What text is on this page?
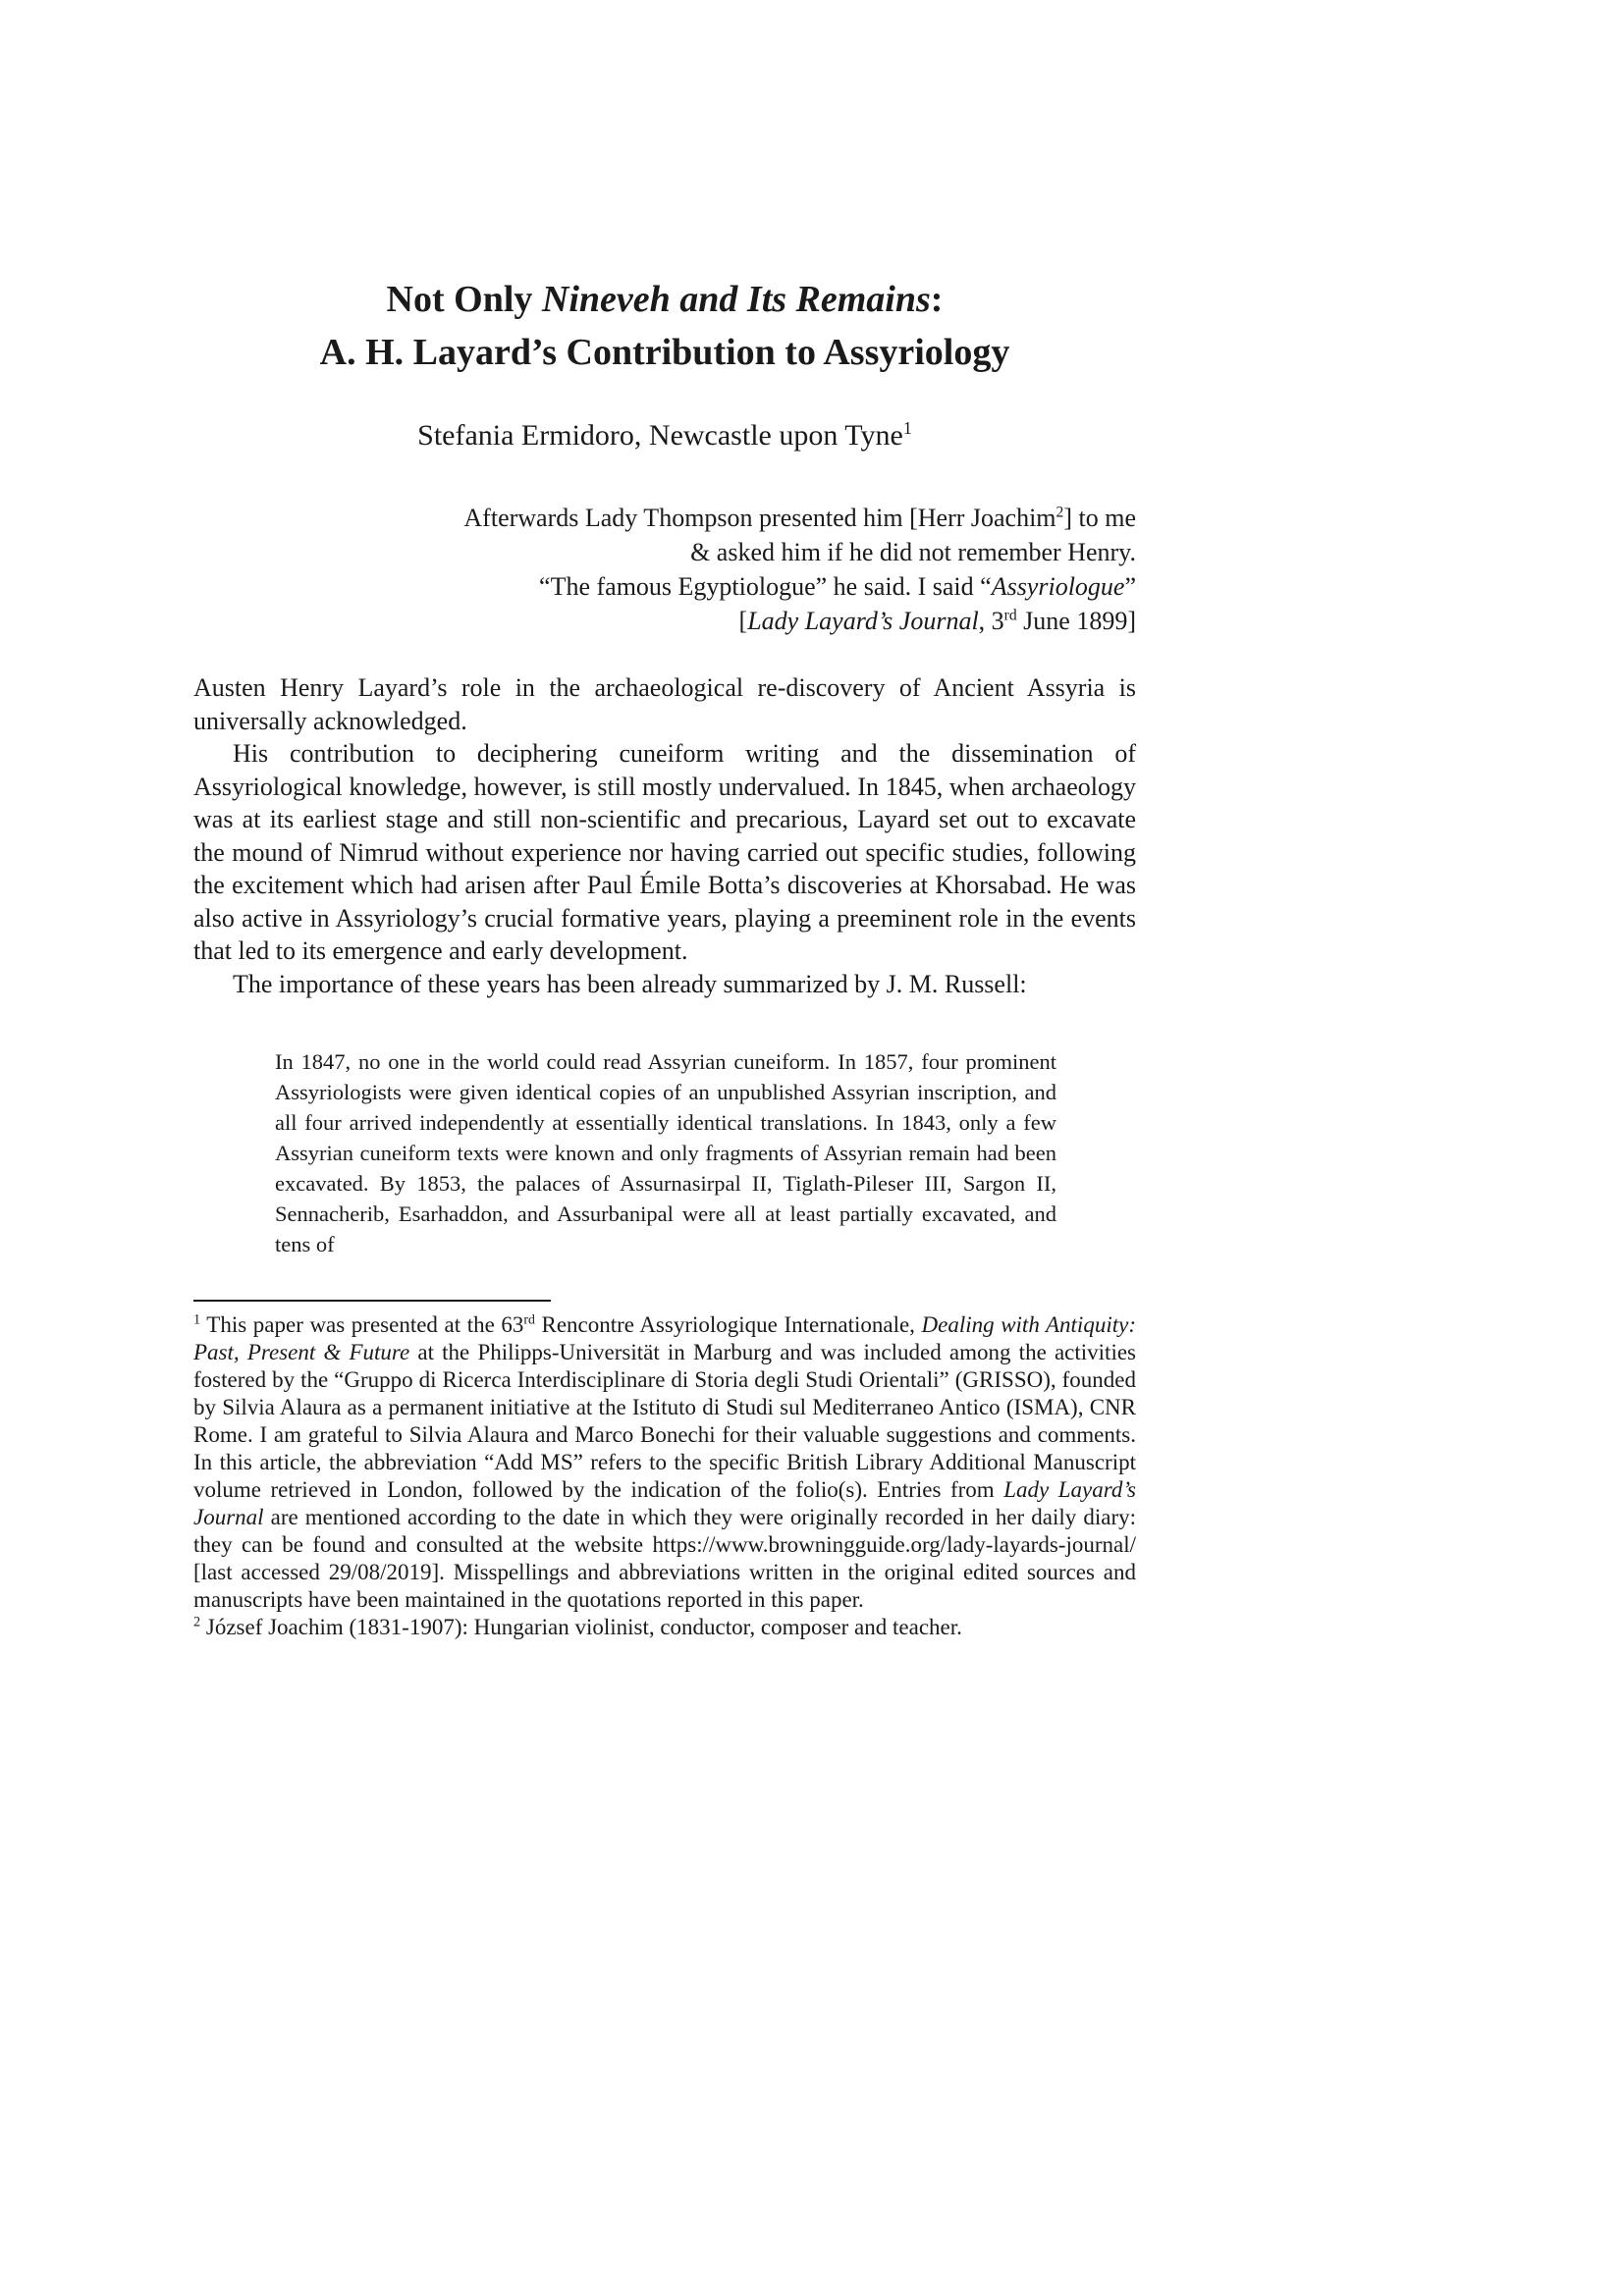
Not Only Nineveh and Its Remains:
A. H. Layard’s Contribution to Assyriology
Stefania Ermidoro, Newcastle upon Tyne$^1$
Afterwards Lady Thompson presented him [Herr Joachim$^2$] to me
& asked him if he did not remember Henry.
“The famous Egyptiologue” he said. I said “Assyriologue”
[Lady Layard’s Journal, 3rd June 1899]

Austen Henry Layard’s role in the archaeological re-discovery of Ancient Assyria is universally acknowledged.

His contribution to deciphering cuneiform writing and the dissemination of Assyriological knowledge, however, is still mostly undervalued. In 1845, when archaeology was at its earliest stage and still non-scientific and precarious, Layard set out to excavate the mound of Nimrud without experience nor having carried out specific studies, following the excitement which had arisen after Paul Émile Botta’s discoveries at Khorsabad. He was also active in Assyriology’s crucial formative years, playing a preeminent role in the events that led to its emergence and early development.

The importance of these years has been already summarized by J. M. Russell:

In 1847, no one in the world could read Assyrian cuneiform. In 1857, four prominent Assyriologists were given identical copies of an unpublished Assyrian inscription, and all four arrived independently at essentially identical translations. In 1843, only a few Assyrian cuneiform texts were known and only fragments of Assyrian remain had been excavated. By 1853, the palaces of Assurnasirpal II, Tiglath-Pileser III, Sargon II, Sennacherib, Esarhaddon, and Assurbanipal were all at least partially excavated, and tens of

$^1$ This paper was presented at the 63rd Rencontre Assyriologique Internationale, Dealing with Antiquity: Past, Present & Future at the Philipps-Universität in Marburg and was included among the activities fostered by the “Gruppo di Ricerca Interdisciplinare di Storia degli Studi Orientali” (GRISSO), founded by Silvia Alaura as a permanent initiative at the Istituto di Studi sul Mediterraneo Antico (ISMA), CNR Rome. I am grateful to Silvia Alaura and Marco Bonechi for their valuable suggestions and comments. In this article, the abbreviation “Add MS” refers to the specific British Library Additional Manuscript volume retrieved in London, followed by the indication of the folio(s). Entries from Lady Layard’s Journal are mentioned according to the date in which they were originally recorded in her daily diary: they can be found and consulted at the website https://www.browningguide.org/lady-layards-journal/ [last accessed 29/08/2019]. Misspellings and abbreviations written in the original edited sources and manuscripts have been maintained in the quotations reported in this paper.

$^2$ József Joachim (1831-1907): Hungarian violinist, conductor, composer and teacher.
